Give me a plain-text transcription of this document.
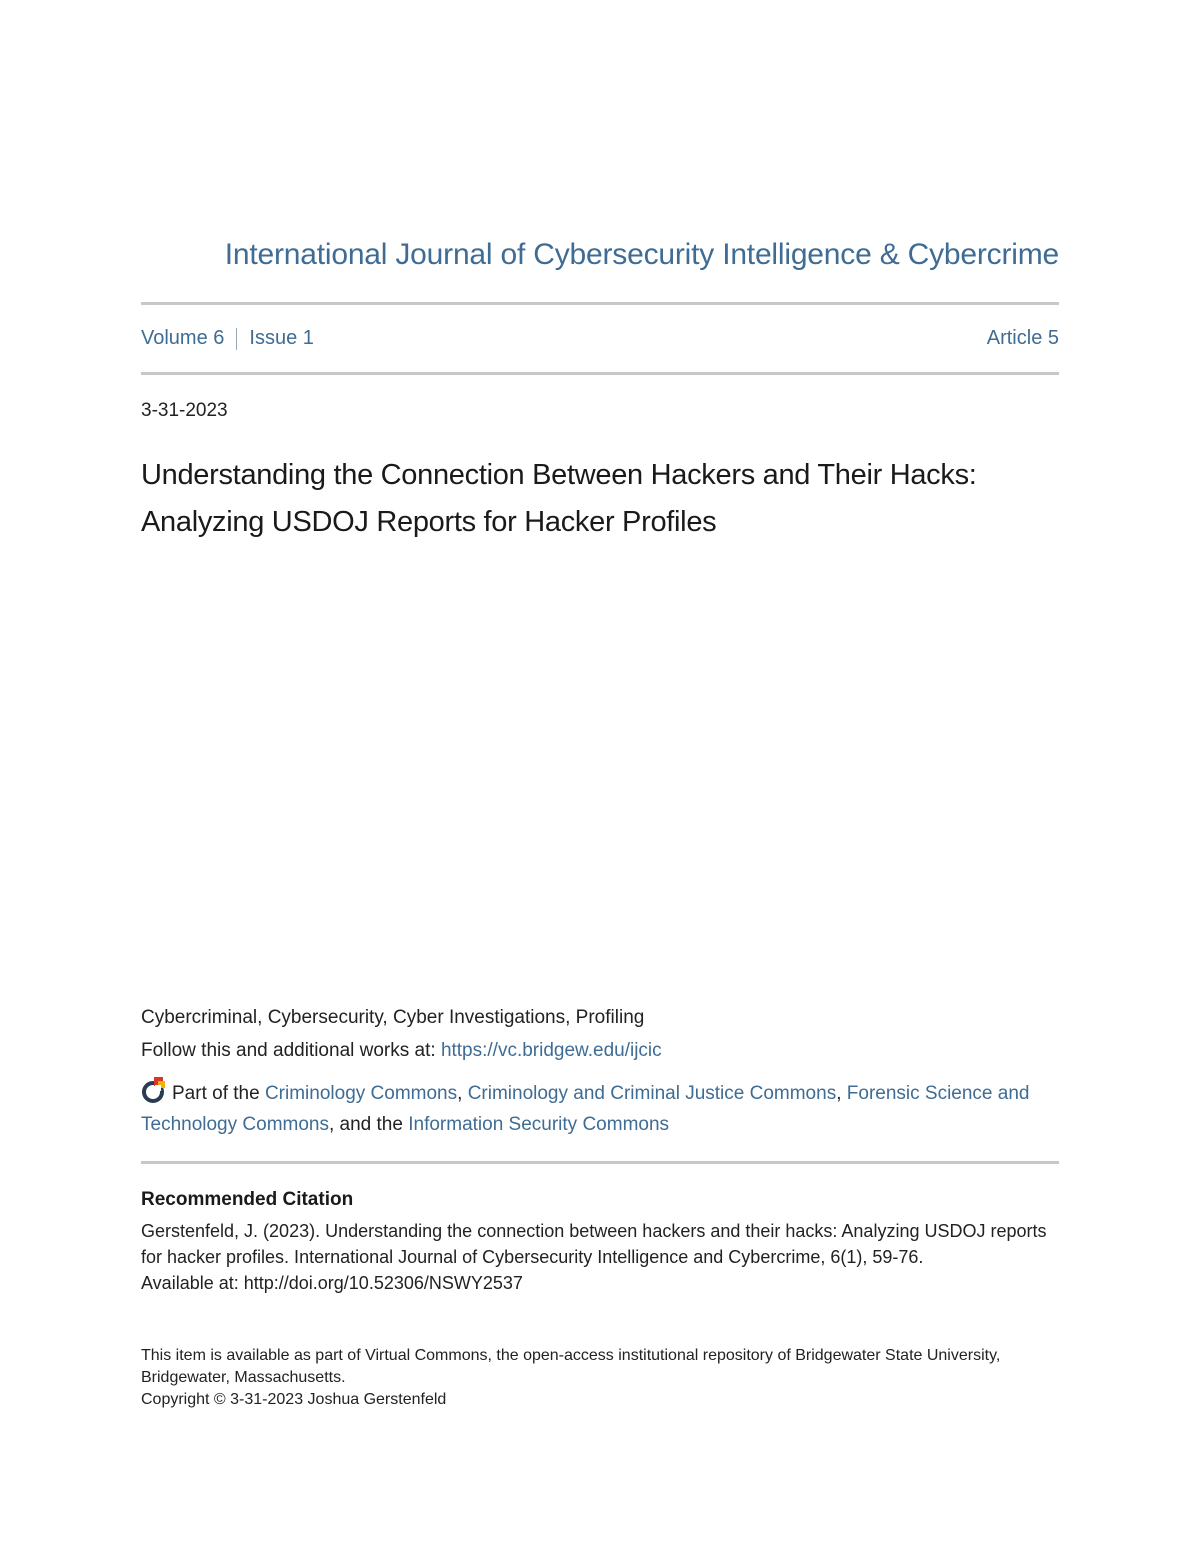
International Journal of Cybersecurity Intelligence & Cybercrime
Volume 6 Issue 1	Article 5
3-31-2023
Understanding the Connection Between Hackers and Their Hacks:
Analyzing USDOJ Reports for Hacker Profiles
Cybercriminal, Cybersecurity, Cyber Investigations, Profiling
Follow this and additional works at: https://vc.bridgew.edu/ijcic
Part of the Criminology Commons, Criminology and Criminal Justice Commons, Forensic Science and Technology Commons, and the Information Security Commons
Recommended Citation
Gerstenfeld, J. (2023). Understanding the connection between hackers and their hacks: Analyzing USDOJ reports for hacker profiles. International Journal of Cybersecurity Intelligence and Cybercrime, 6(1), 59-76.
Available at: http://doi.org/10.52306/NSWY2537
This item is available as part of Virtual Commons, the open-access institutional repository of Bridgewater State University, Bridgewater, Massachusetts.
Copyright © 3-31-2023 Joshua Gerstenfeld
